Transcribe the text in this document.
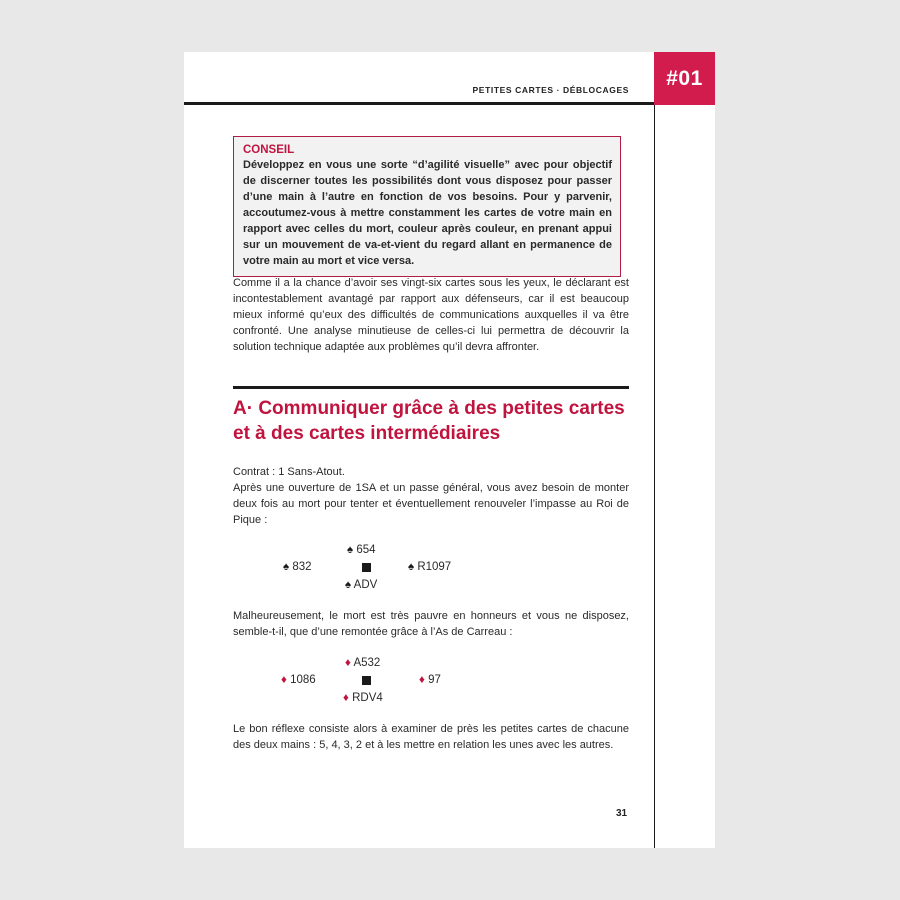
PETITES CARTES · DÉBLOCAGES
#01
CONSEIL
Développez en vous une sorte “d’agilité visuelle” avec pour objectif de discerner toutes les possibilités dont vous disposez pour passer d’une main à l’autre en fonction de vos besoins. Pour y parvenir, accoutumez-vous à mettre constamment les cartes de votre main en rapport avec celles du mort, couleur après couleur, en prenant appui sur un mouvement de va-et-vient du regard allant en permanence de votre main au mort et vice versa.
Comme il a la chance d’avoir ses vingt-six cartes sous les yeux, le déclarant est incontestablement avantagé par rapport aux défenseurs, car il est beaucoup mieux informé qu’eux des difficultés de communications auxquelles il va être confronté. Une analyse minutieuse de celles-ci lui permettra de découvrir la solution technique adaptée aux problèmes qu’il devra affronter.
A· Communiquer grâce à des petites cartes et à des cartes intermédiaires
Contrat : 1 Sans-Atout.
Après une ouverture de 1SA et un passe général, vous avez besoin de monter deux fois au mort pour tenter et éventuellement renouveler l’impasse au Roi de Pique :
♠ 654
♠ 832	♠ R1097
♠ ADV
Malheureusement, le mort est très pauvre en honneurs et vous ne disposez, semble-t-il, que d’une remontée grâce à l’As de Carreau :
♦ A532
♦ 1086	♦ 97
♦ RDV4
Le bon réflexe consiste alors à examiner de près les petites cartes de chacune des deux mains : 5, 4, 3, 2 et à les mettre en relation les unes avec les autres.
31
